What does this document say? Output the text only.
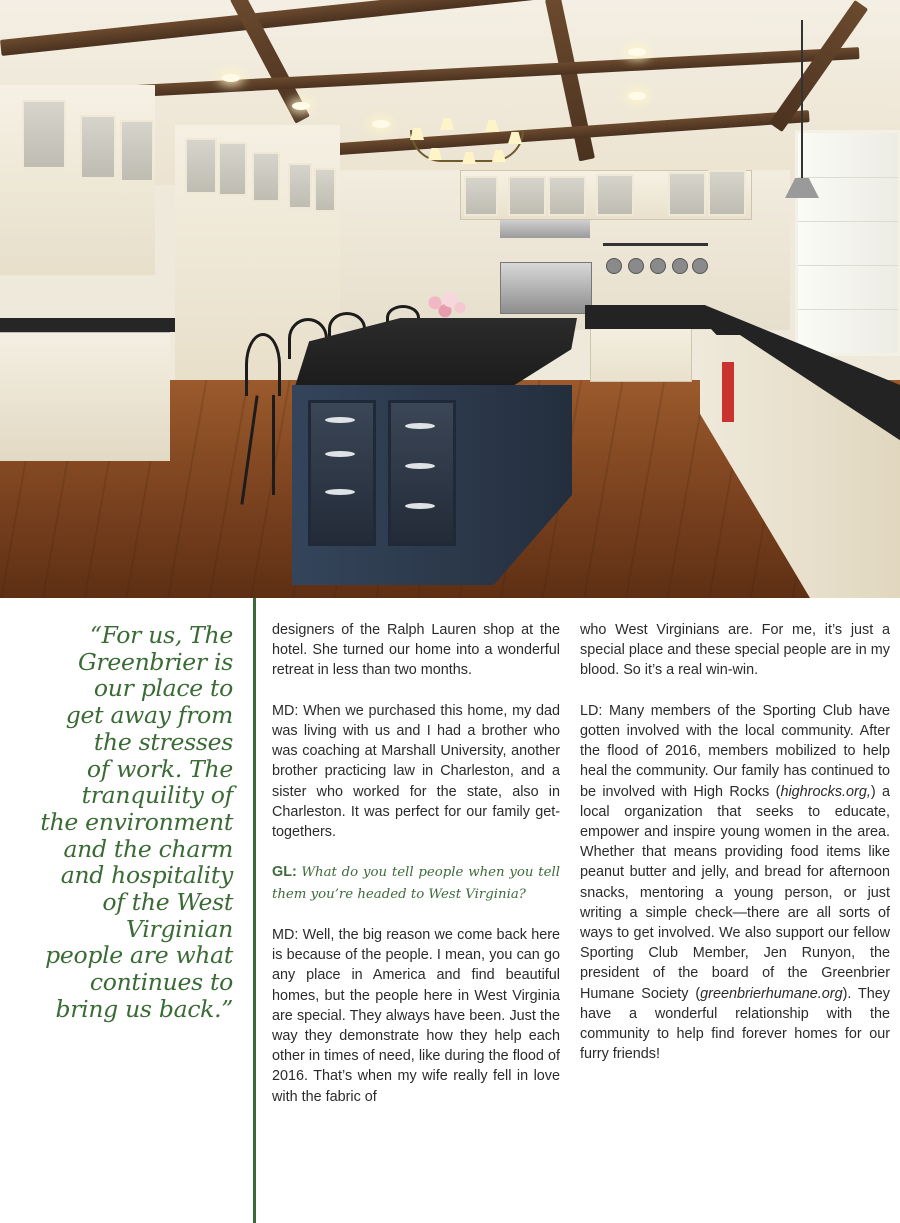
“For us, The
Greenbrier is
our place to
get away from
the stresses
of work. The
tranquility of
the environment
and the charm
and hospitality
of the West
Virginian
people are what
continues to
bring us back.”

designers of the Ralph Lauren shop at the hotel. She turned our home into a wonderful retreat in less than two months.

MD: When we purchased this home, my dad was living with us and I had a brother who was coaching at Marshall University, another brother practicing law in Charleston, and a sister who worked for the state, also in Charleston. It was perfect for our family get-togethers.

GL: What do you tell people when you tell them you’re headed to West Virginia?

MD: Well, the big reason we come back here is because of the people. I mean, you can go any place in America and find beautiful homes, but the people here in West Virginia are special. They always have been. Just the way they demonstrate how they help each other in times of need, like during the flood of 2016. That’s when my wife really fell in love with the fabric of

who West Virginians are. For me, it’s just a special place and these special people are in my blood. So it’s a real win-win.

LD: Many members of the Sporting Club have gotten involved with the local community. After the flood of 2016, members mobilized to help heal the community. Our family has continued to be involved with High Rocks (highrocks.org,) a local organization that seeks to educate, empower and inspire young women in the area. Whether that means providing food items like peanut butter and jelly, and bread for afternoon snacks, mentoring a young person, or just writing a simple check—there are all sorts of ways to get involved. We also support our fellow Sporting Club Member, Jen Runyon, the president of the board of the Greenbrier Humane Society (greenbrierhumane.org). They have a wonderful relationship with the community to help find forever homes for our furry friends!
